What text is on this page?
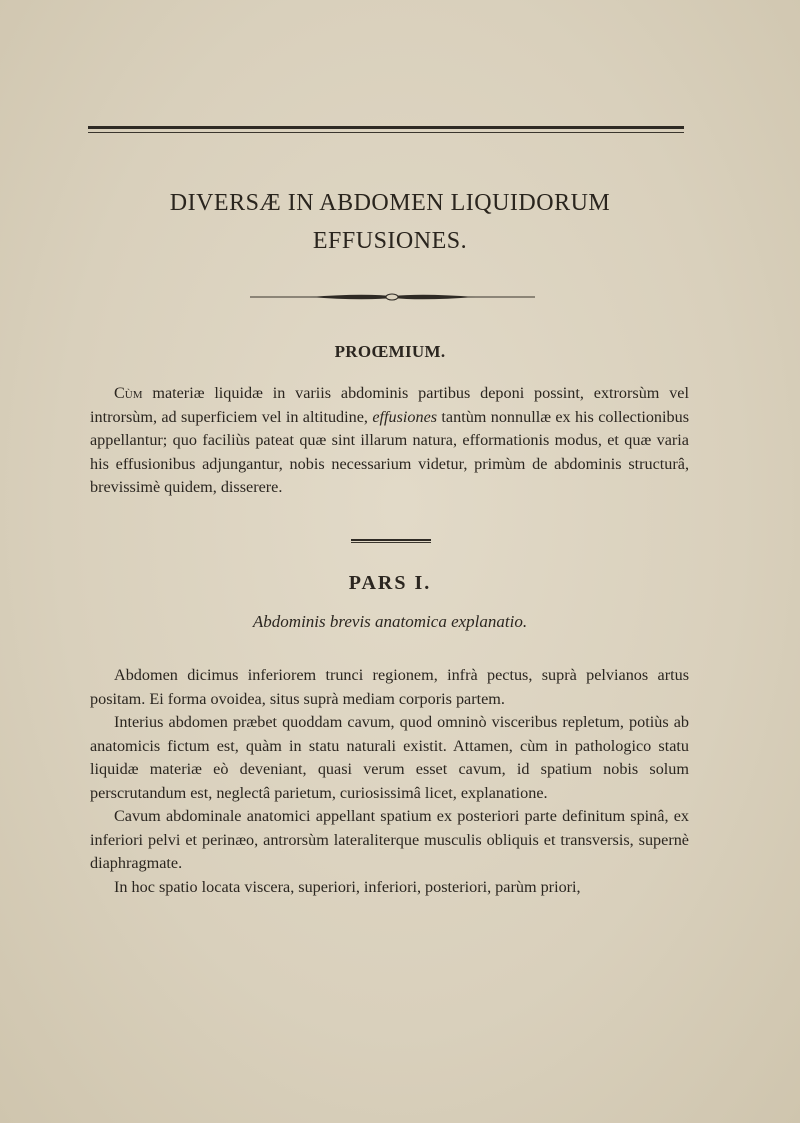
DIVERSÆ IN ABDOMEN LIQUIDORUM
EFFUSIONES.
PROŒMIUM.
Cùm materiæ liquidæ in variis abdominis partibus deponi possint, extrorsùm vel introrsùm, ad superficiem vel in altitudine, effusiones tantùm nonnullæ ex his collectionibus appellantur; quo faciliùs pateat quæ sint illarum natura, efformationis modus, et quæ varia his effusionibus adjungantur, nobis necessarium videtur, primùm de abdominis structurâ, brevissimè quidem, disserere.
PARS I.
Abdominis brevis anatomica explanatio.

Abdomen dicimus inferiorem trunci regionem, infrà pectus, suprà pelvianos artus positam. Ei forma ovoidea, situs suprà mediam corporis partem.

Interius abdomen præbet quoddam cavum, quod omninò visceribus repletum, potiùs ab anatomicis fictum est, quàm in statu naturali existit. Attamen, cùm in pathologico statu liquidæ materiæ eò deveniant, quasi verum esset cavum, id spatium nobis solum perscrutandum est, neglectâ parietum, curiosissimâ licet, explanatione.

Cavum abdominale anatomici appellant spatium ex posteriori parte definitum spinâ, ex inferiori pelvi et perinæo, antrorsùm lateraliterque musculis obliquis et transversis, supernè diaphragmate.

In hoc spatio locata viscera, superiori, inferiori, posteriori, parùm priori,
